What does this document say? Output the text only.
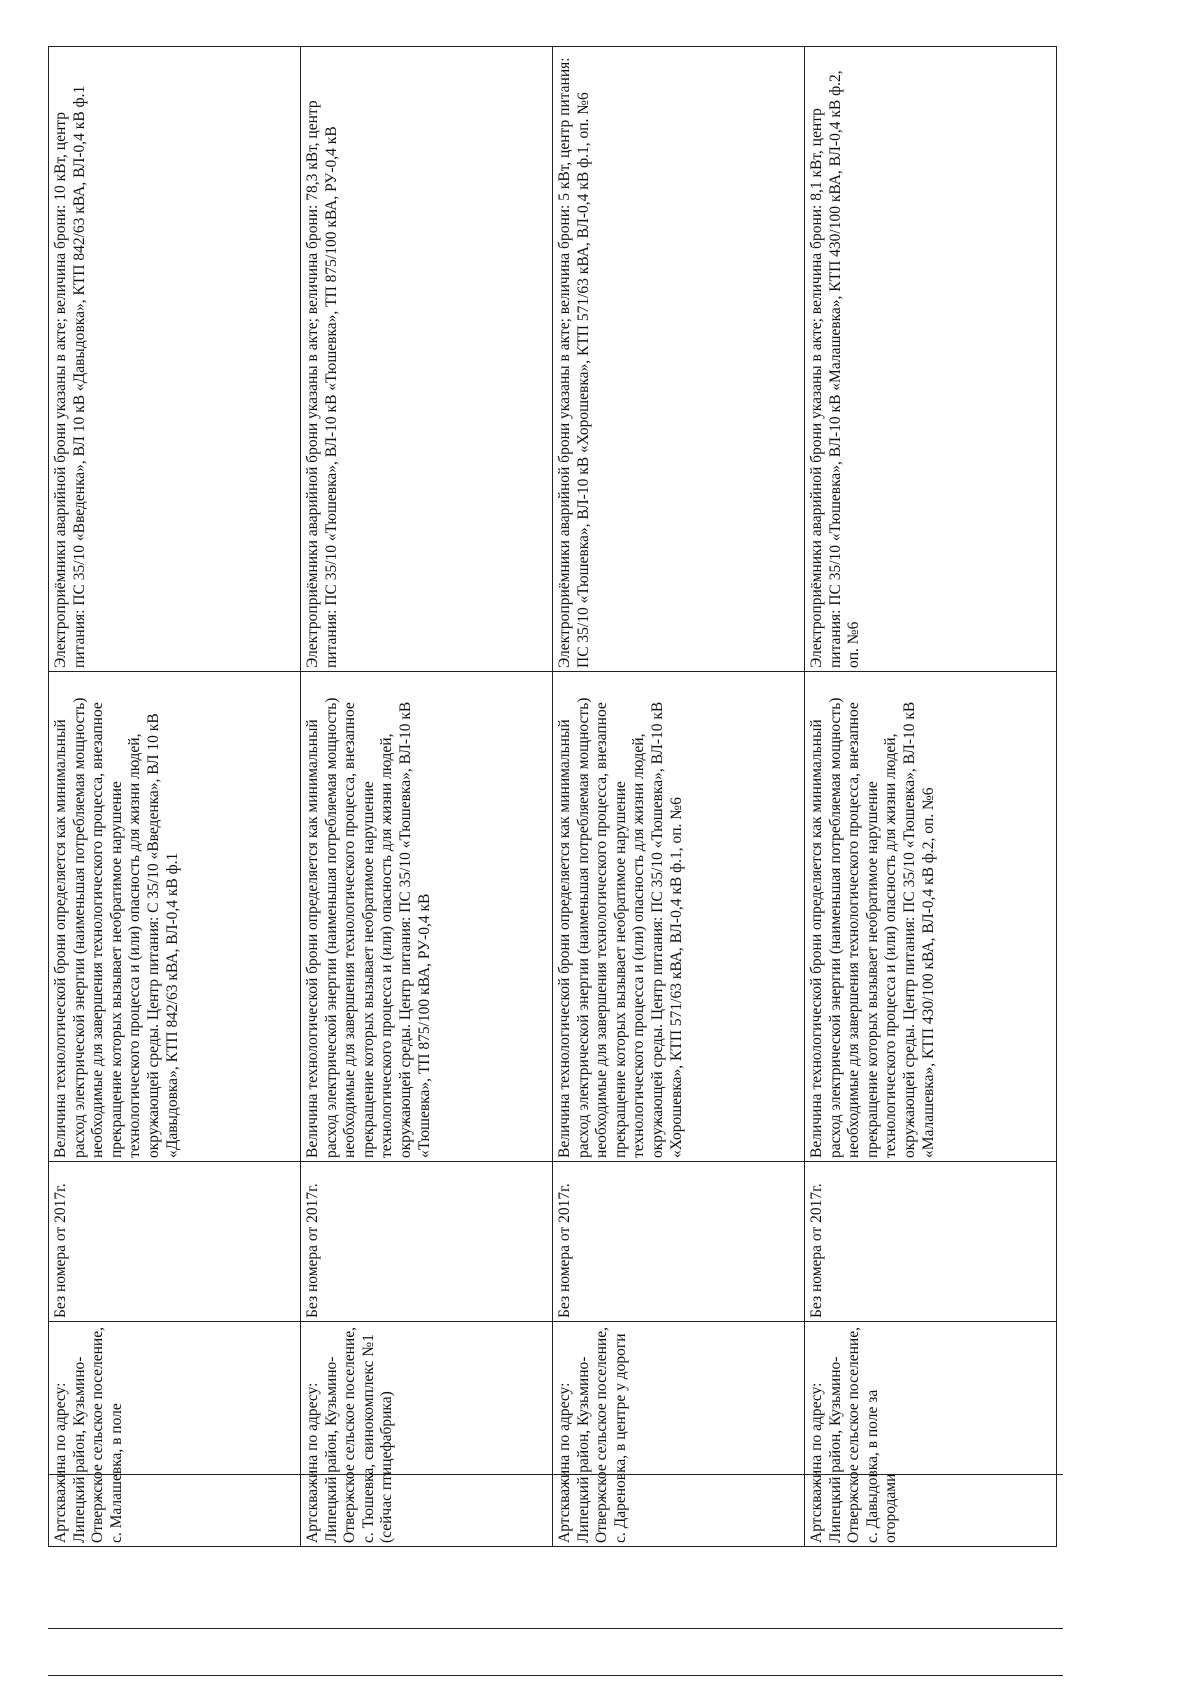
Артскважина по адресу: Липецкий район, Кузьмино-Отвержское сельское поселение, с. Малашевка, в поле	Без номера от 2017г.	Величина технологической брони определяется как минимальный расход электрической энергии (наименьшая потребляемая мощность) необходимые для завершения технологического процесса, внезапное прекращение которых вызывает необратимое нарушение технологического процесса и (или) опасность для жизни людей, окружающей среды. Центр питания: С 35/10 «Введенка», ВЛ 10 кВ «Давыдовка», КТП 842/63 кВА, ВЛ-0,4 кВ ф.1	Электроприёмники аварийной брони указаны в акте; величина брони: 10 кВт, центр питания: ПС 35/10 «Введенка», ВЛ 10 кВ «Давыдовка», КТП 842/63 кВА, ВЛ-0,4 кВ ф.1
Артскважина по адресу: Липецкий район, Кузьмино-Отвержское сельское поселение, с. Тюшевка, свинокомплекс №1 (сейчас птицефабрика)	Без номера от 2017г.	Величина технологической брони определяется как минимальный расход электрической энергии (наименьшая потребляемая мощность) необходимые для завершения технологического процесса, внезапное прекращение которых вызывает необратимое нарушение технологического процесса и (или) опасность для жизни людей, окружающей среды. Центр питания: ПС 35/10 «Тюшевка», ВЛ-10 кВ «Тюшевка», ТП 875/100 кВА, РУ-0,4 кВ	Электроприёмники аварийной брони указаны в акте; величина брони: 78,3 кВт, центр питания: ПС 35/10 «Тюшевка», ВЛ-10 кВ «Тюшевка», ТП 875/100 кВА, РУ-0,4 кВ
Артскважина по адресу: Липецкий район, Кузьмино-Отвержское сельское поселение, с. Дареновка, в центре у дороги	Без номера от 2017г.	Величина технологической брони определяется как минимальный расход электрической энергии (наименьшая потребляемая мощность) необходимые для завершения технологического процесса, внезапное прекращение которых вызывает необратимое нарушение технологического процесса и (или) опасность для жизни людей, окружающей среды. Центр питания: ПС 35/10 «Тюшевка», ВЛ-10 кВ «Хорошевка», КТП 571/63 кВА, ВЛ-0,4 кВ ф.1, оп. №6	Электроприёмники аварийной брони указаны в акте; величина брони: 5 кВт, центр питания: ПС 35/10 «Тюшевка», ВЛ-10 кВ «Хорошевка», КТП 571/63 кВА, ВЛ-0,4 кВ ф.1, оп. №6
Артскважина по адресу: Липецкий район, Кузьмино-Отвержское сельское поселение, с. Давыдовка, в поле за огородами	Без номера от 2017г.	Величина технологической брони определяется как минимальный расход электрической энергии (наименьшая потребляемая мощность) необходимые для завершения технологического процесса, внезапное прекращение которых вызывает необратимое нарушение технологического процесса и (или) опасность для жизни людей, окружающей среды. Центр питания: ПС 35/10 «Тюшевка», ВЛ-10 кВ «Малашевка», КТП 430/100 кВА, ВЛ-0,4 кВ ф.2, оп. №6	Электроприёмники аварийной брони указаны в акте; величина брони: 8,1 кВт, центр питания: ПС 35/10 «Тюшевка», ВЛ-10 кВ «Малашевка», КТП 430/100 кВА, ВЛ-0,4 кВ ф.2, оп. №6
